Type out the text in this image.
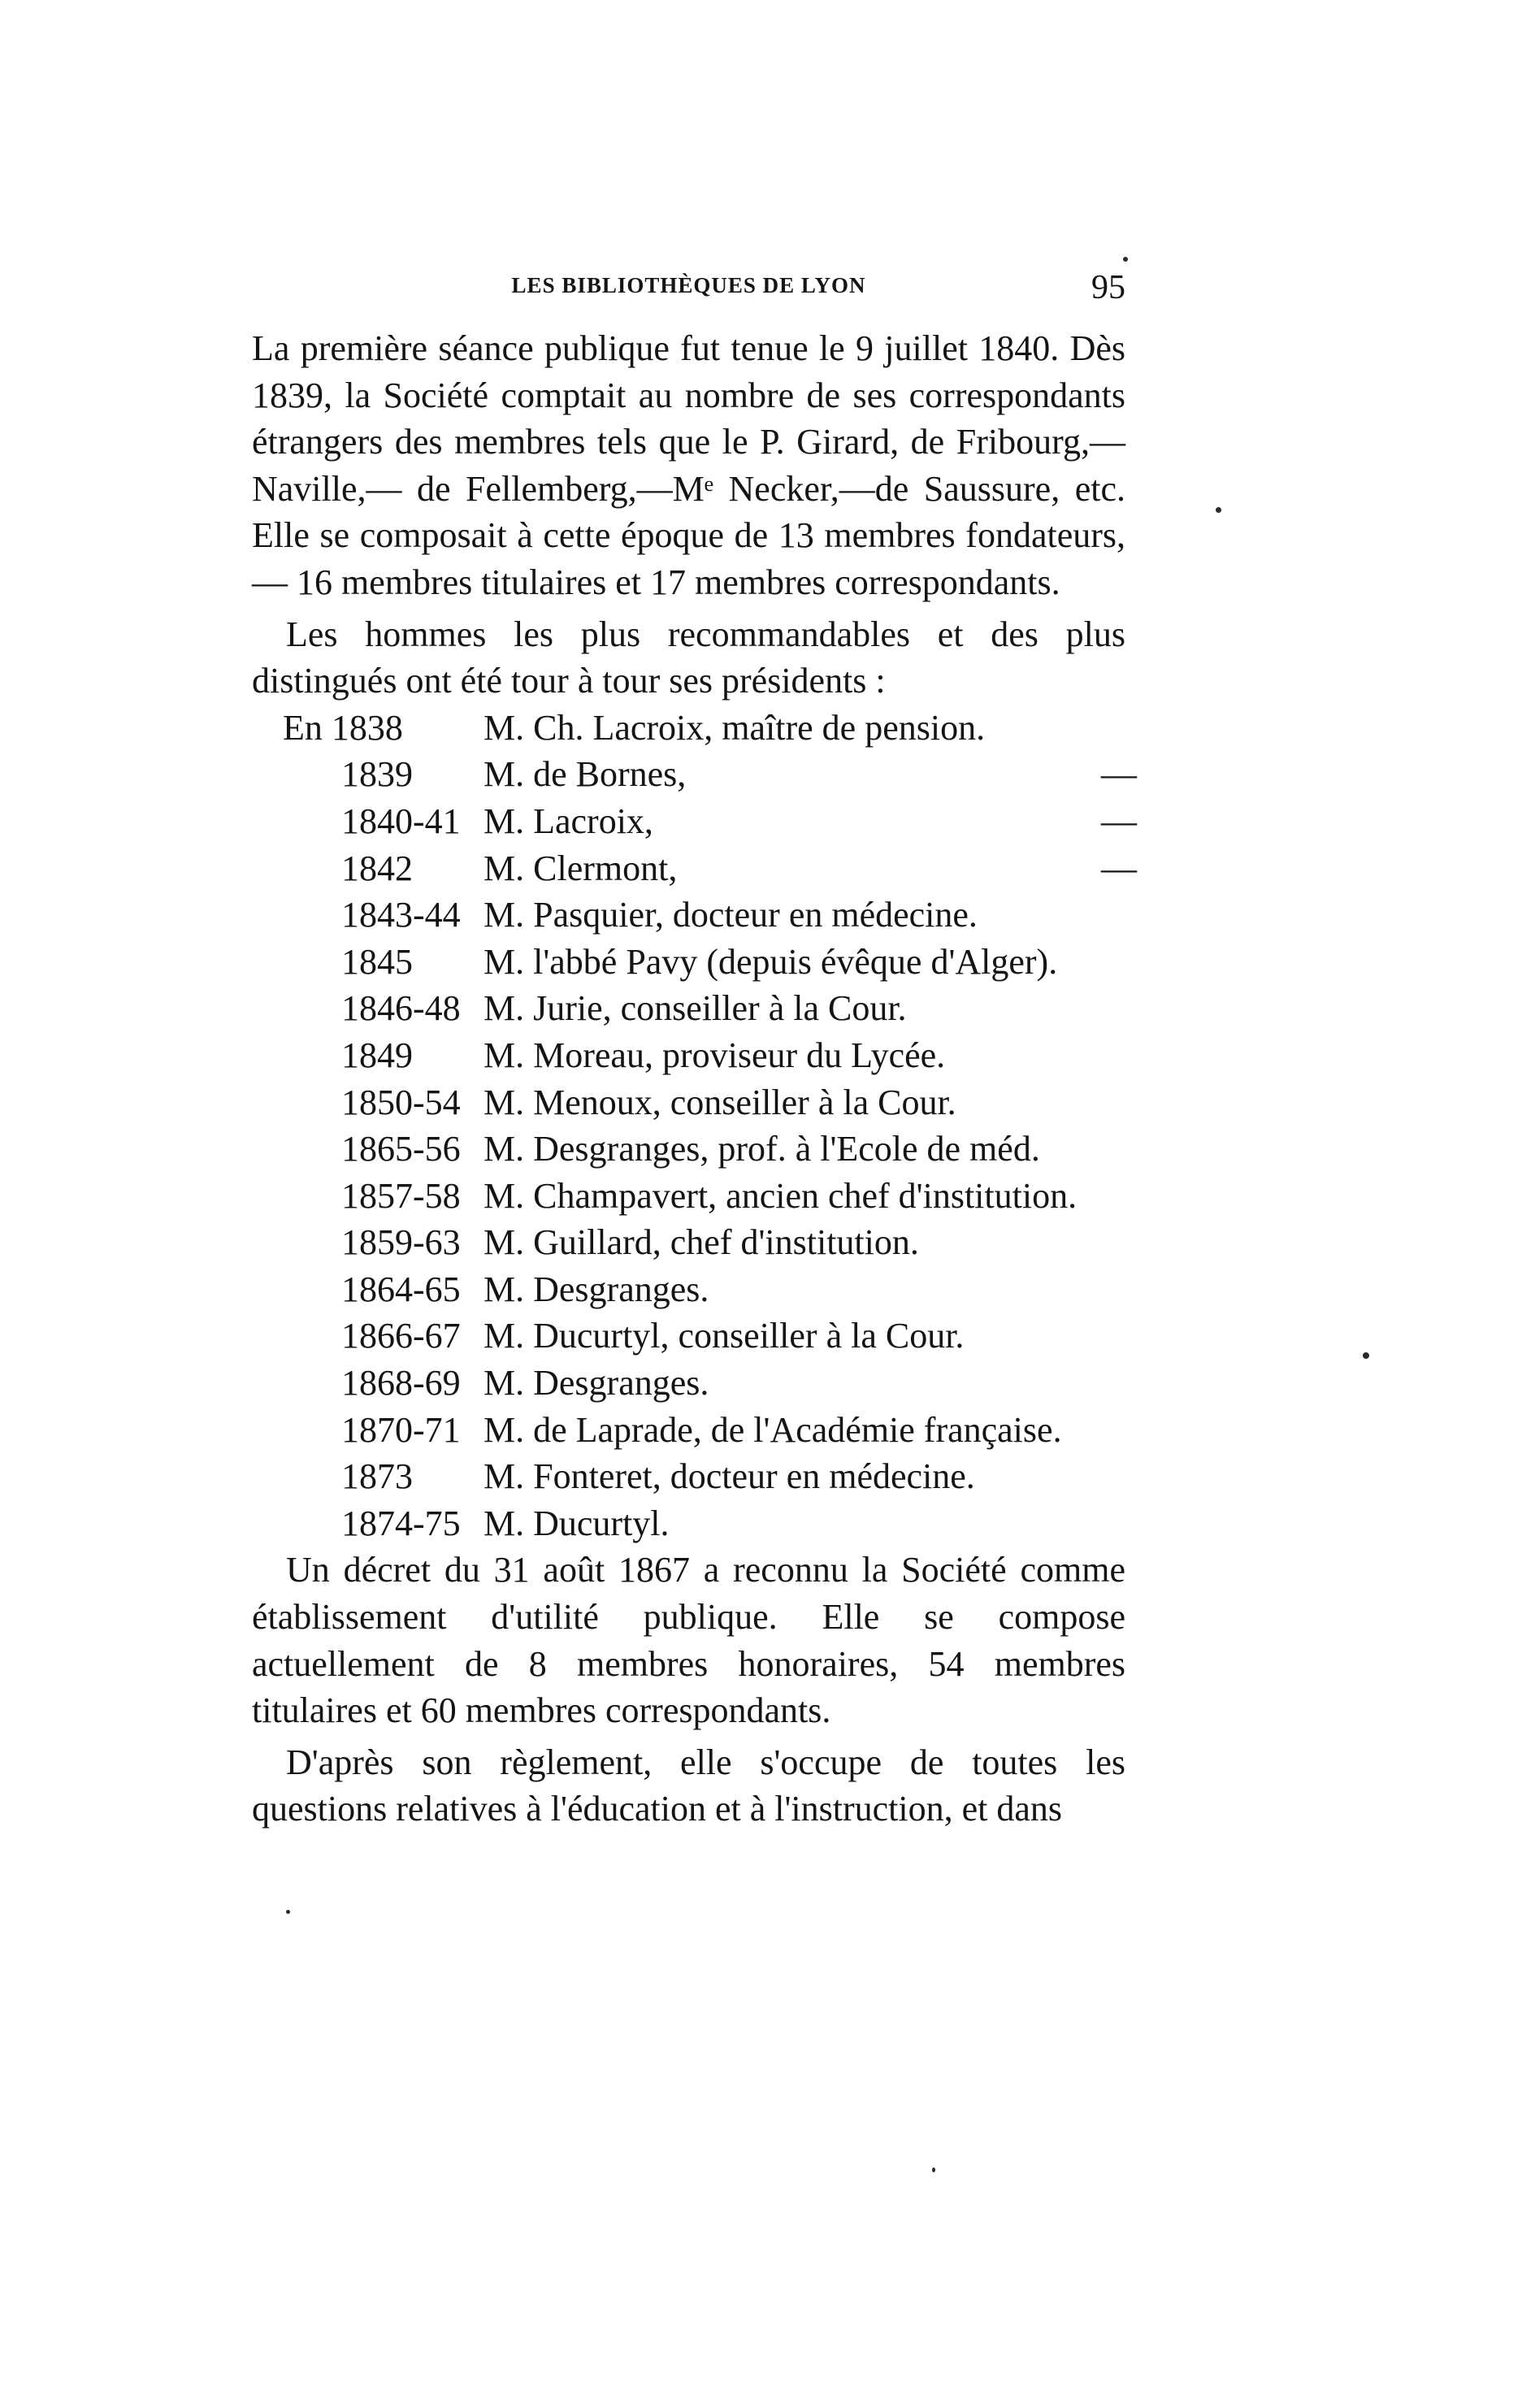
LES BIBLIOTHÈQUES DE LYON	95

La première séance publique fut tenue le 9 juillet 1840. Dès 1839, la Société comptait au nombre de ses correspondants étrangers des membres tels que le P. Girard, de Fribourg,— Naville,— de Fellemberg,—Mᵉ Necker,—de Saussure, etc. Elle se composait à cette époque de 13 membres fondateurs, — 16 membres titulaires et 17 membres correspondants.

Les hommes les plus recommandables et des plus distingués ont été tour à tour ses présidents :

En 1838	M. Ch. Lacroix, maître de pension.
1839	M. de Bornes,	—
1840-41 M. Lacroix,	—
1842	M. Clermont,	—
1843-44 M. Pasquier, docteur en médecine.
1845	M. l'abbé Pavy (depuis évêque d'Alger).
1846-48 M. Jurie, conseiller à la Cour.
1849	M. Moreau, proviseur du Lycée.
1850-54 M. Menoux, conseiller à la Cour.
1865-56 M. Desgranges, prof. à l'Ecole de méd.
1857-58 M. Champavert, ancien chef d'institution.
1859-63 M. Guillard, chef d'institution.
1864-65 M. Desgranges.
1866-67 M. Ducurtyl, conseiller à la Cour.
1868-69 M. Desgranges.
1870-71 M. de Laprade, de l'Académie française.
1873	M. Fonteret, docteur en médecine.
1874-75 M. Ducurtyl.

Un décret du 31 août 1867 a reconnu la Société comme établissement d'utilité publique. Elle se compose actuellement de 8 membres honoraires, 54 membres titulaires et 60 membres correspondants.

D'après son règlement, elle s'occupe de toutes les questions relatives à l'éducation et à l'instruction, et dans
